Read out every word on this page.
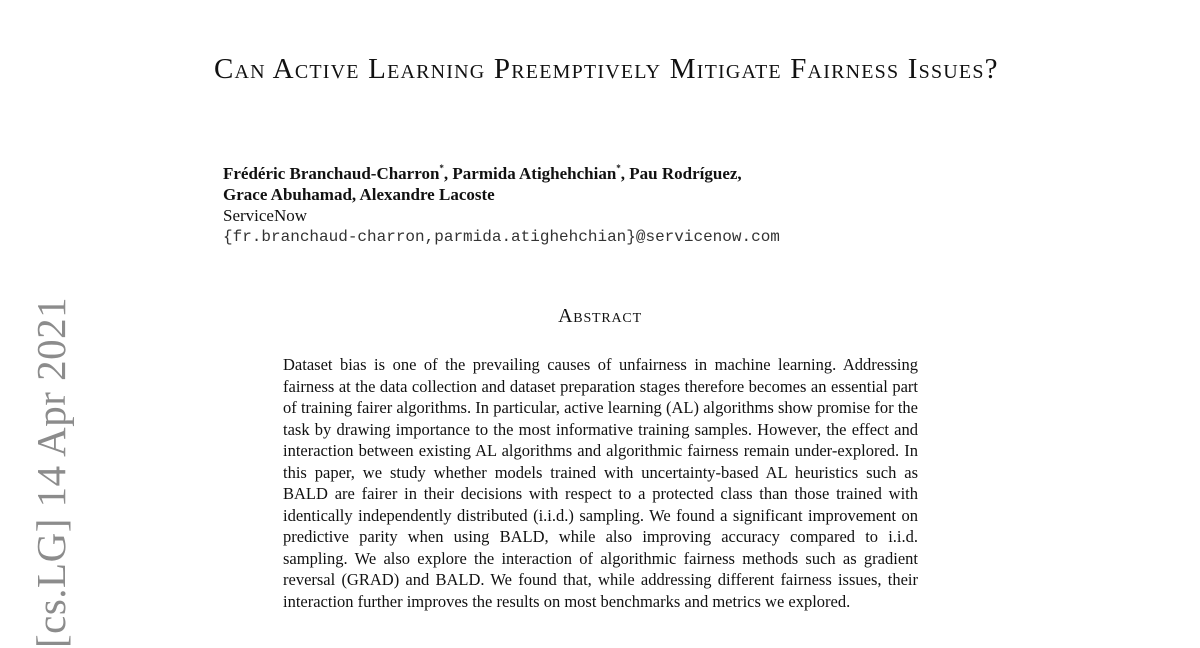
[cs.LG] 14 Apr 2021
Can Active Learning Preemptively Mitigate Fairness Issues?
Frédéric Branchaud-Charron*, Parmida Atighehchian*, Pau Rodríguez,
Grace Abuhamad, Alexandre Lacoste
ServiceNow
{fr.branchaud-charron,parmida.atighehchian}@servicenow.com
Abstract

Dataset bias is one of the prevailing causes of unfairness in machine learning. Addressing fairness at the data collection and dataset preparation stages therefore becomes an essential part of training fairer algorithms. In particular, active learning (AL) algorithms show promise for the task by drawing importance to the most informative training samples. However, the effect and interaction between existing AL algorithms and algorithmic fairness remain under-explored. In this paper, we study whether models trained with uncertainty-based AL heuristics such as BALD are fairer in their decisions with respect to a protected class than those trained with identically independently distributed (i.i.d.) sampling. We found a significant improvement on predictive parity when using BALD, while also improving accuracy compared to i.i.d. sampling. We also explore the interaction of algorithmic fairness methods such as gradient reversal (GRAD) and BALD. We found that, while addressing different fairness issues, their interaction further improves the results on most benchmarks and metrics we explored.
